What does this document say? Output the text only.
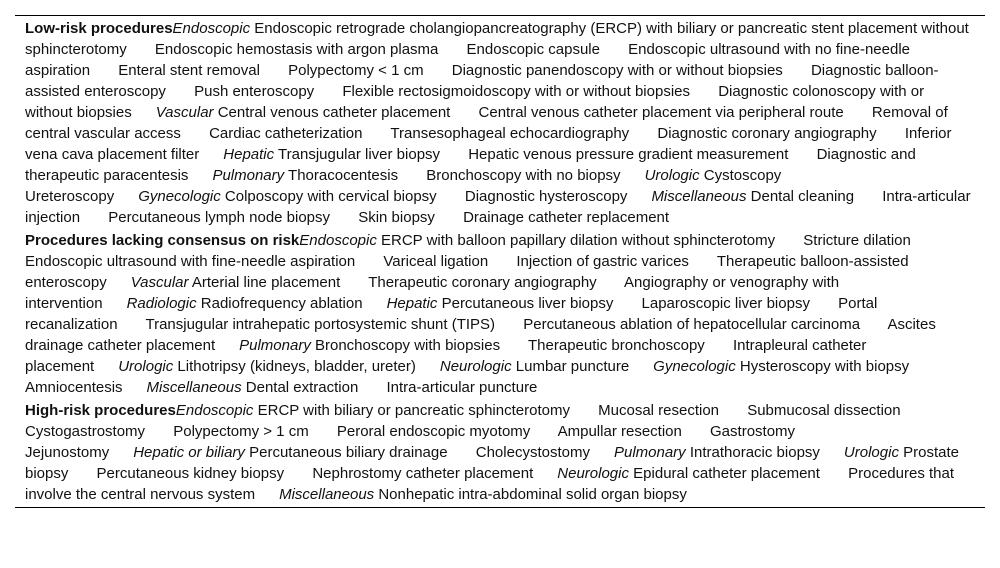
Low-risk proceduresEndoscopic Endoscopic retrograde cholangiopancreatography (ERCP) with biliary or pancreatic stent placement without sphincterotomy Endoscopic hemostasis with argon plasma Endoscopic capsule Endoscopic ultrasound with no fine-needle aspiration Enteral stent removal Polypectomy < 1 cm Diagnostic panendoscopy with or without biopsies Diagnostic balloon-assisted enteroscopy Push enteroscopy Flexible rectosigmoidoscopy with or without biopsies Diagnostic colonoscopy with or without biopsies Vascular Central venous catheter placement Central venous catheter placement via peripheral route Removal of central vascular access Cardiac catheterization Transesophageal echocardiography Diagnostic coronary angiography Inferior vena cava placement filter Hepatic Transjugular liver biopsy Hepatic venous pressure gradient measurement Diagnostic and therapeutic paracentesis Pulmonary Thoracocentesis Bronchoscopy with no biopsy Urologic Cystoscopy Ureteroscopy Gynecologic Colposcopy with cervical biopsy Diagnostic hysteroscopy Miscellaneous Dental cleaning Intra-articular injection Percutaneous lymph node biopsy Skin biopsy Drainage catheter replacement
Procedures lacking consensus on riskEndoscopic ERCP with balloon papillary dilation without sphincterotomy Stricture dilation Endoscopic ultrasound with fine-needle aspiration Variceal ligation Injection of gastric varices Therapeutic balloon-assisted enteroscopy Vascular Arterial line placement Therapeutic coronary angiography Angiography or venography with intervention Radiologic Radiofrequency ablation Hepatic Percutaneous liver biopsy Laparoscopic liver biopsy Portal recanalization Transjugular intrahepatic portosystemic shunt (TIPS) Percutaneous ablation of hepatocellular carcinoma Ascites drainage catheter placement Pulmonary Bronchoscopy with biopsies Therapeutic bronchoscopy Intrapleural catheter placement Urologic Lithotripsy (kidneys, bladder, ureter) Neurologic Lumbar puncture Gynecologic Hysteroscopy with biopsy Amniocentesis Miscellaneous Dental extraction Intra-articular puncture
High-risk proceduresEndoscopic ERCP with biliary or pancreatic sphincterotomy Mucosal resection Submucosal dissection Cystogastrostomy Polypectomy > 1 cm Peroral endoscopic myotomy Ampullar resection Gastrostomy Jejunostomy Hepatic or biliary Percutaneous biliary drainage Cholecystostomy Pulmonary Intrathoracic biopsy Urologic Prostate biopsy Percutaneous kidney biopsy Nephrostomy catheter placement Neurologic Epidural catheter placement Procedures that involve the central nervous system Miscellaneous Nonhepatic intra-abdominal solid organ biopsy
